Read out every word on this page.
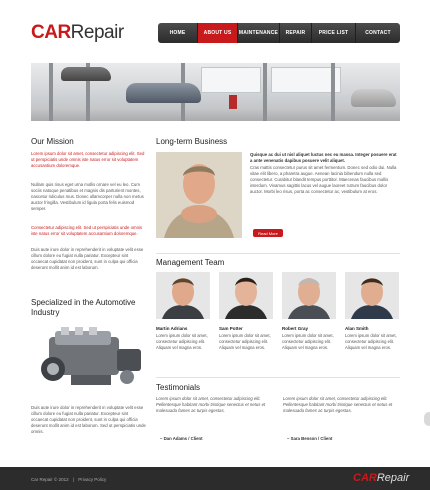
CARRepair	HOME	ABOUT US	MAINTENANCE	REPAIR	PRICE LIST	CONTACT
Our Mission
Lorem ipsum dolor sit amet, consectetur adipiscing elit. Sed ut perspiciatis unde omnis iste natus error sit voluptatem accusantium doloremque.
Nullam quis risus eget urna mollis ornare vel eu leo. Cum sociis natoque penatibus et magnis dis parturient montes, nascetur ridiculus mus. Donec ullamcorper nulla non metus auctor fringilla. Vestibulum id ligula porta felis euismod semper.
Consectetur adipiscing elit. Sed ut perspiciatis unde omnis iste natus error sit voluptatem accusantium doloremque.
Duis aute irure dolor in reprehenderit in voluptate velit esse cillum dolore eu fugiat nulla pariatur. Excepteur sint occaecat cupidatat non proident, sunt in culpa qui officia deserunt mollit anim id est laborum.
Specialized in the Automotive Industry
Duis aute irure dolor in reprehenderit in voluptate velit esse cillum dolore eu fugiat nulla pariatur. Excepteur sint occaecat cupidatat non proident, sunt in culpa qui officia deserunt mollit anim id est laborum. Sed ut perspiciatis unde omnis.
Long-term Business
Quisque ac dui ut nisl aliquet luctus nec eu massa. Integer posuere erat a ante venenatis dapibus posuere velit aliquet.
Cras mattis consectetur purus sit amet fermentum. Donec sed odio dui. Nulla vitae elit libero, a pharetra augue. Aenean lacinia bibendum nulla sed consectetur. Curabitur blandit tempus porttitor. Maecenas faucibus mollis interdum. Vivamus sagittis lacus vel augue laoreet rutrum faucibus dolor auctor. Morbi leo risus, porta ac consectetur ac, vestibulum at eros.
Read More
Management Team
Martin Adrians	Sam Potter	Robert Gray	Alan Smith
Lorem ipsum dolor sit amet, consectetur adipiscing elit. Aliquam vel magna eros.
Lorem ipsum dolor sit amet, consectetur adipiscing elit. Aliquam vel magna eros.
Lorem ipsum dolor sit amet, consectetur adipiscing elit. Aliquam vel magna eros.
Lorem ipsum dolor sit amet, consectetur adipiscing elit. Aliquam vel magna eros.
Testimonials
Lorem ipsum dolor sit amet, consectetur adipiscing elit. Pellentesque habitant morbi tristique senectus et netus et malesuada fames ac turpis egestas.
– Dan Adams / Client
Lorem ipsum dolor sit amet, consectetur adipiscing elit. Pellentesque habitant morbi tristique senectus et netus et malesuada fames ac turpis egestas.
– Sara Benson / Client
Car Repair © 2012 | Privacy Policy	CARRepair
